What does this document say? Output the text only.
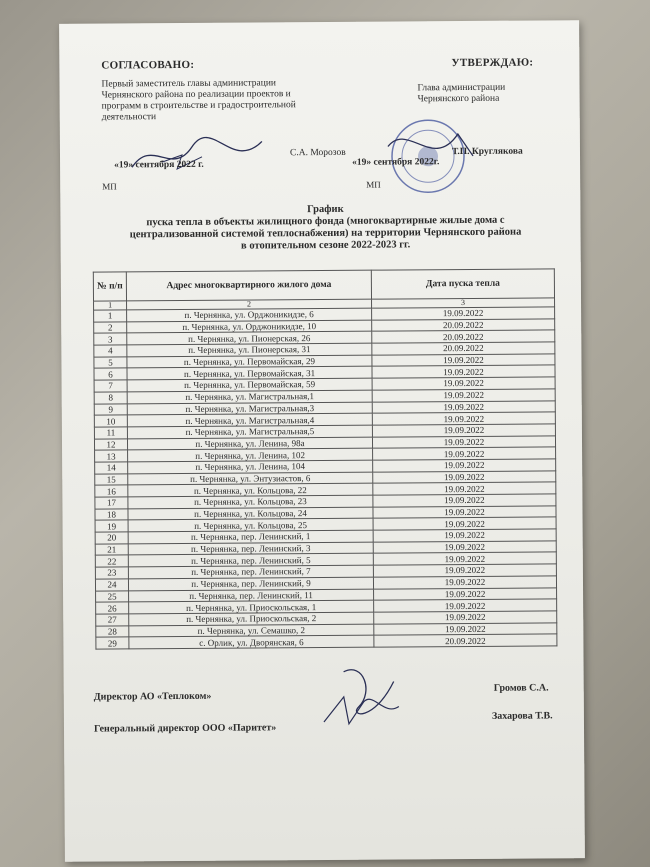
СОГЛАСОВАНО:	УТВЕРЖДАЮ:
Первый заместитель главы администрации Чернянского района по реализации проектов и программ в строительстве и градостроительной деятельности
Глава администрации Чернянского района
С.А. Морозов
«19» сентября 2022 г.
МП
Т.П. Круглякова
«19» сентября 2022г.
МП
График
пуска тепла в объекты жилищного фонда (многоквартирные жилые дома с
централизованной системой теплоснабжения) на территории Чернянского района
в отопительном сезоне 2022-2023 гг.
№ п/п	Адрес многоквартирного жилого дома	Дата пуска тепла
1	2	3
1	п. Чернянка, ул. Орджоникидзе, 6	19.09.2022
2	п. Чернянка, ул. Орджоникидзе, 10	20.09.2022
3	п. Чернянка, ул. Пионерская, 26	20.09.2022
4	п. Чернянка, ул. Пионерская, 31	20.09.2022
5	п. Чернянка, ул. Первомайская, 29	19.09.2022
6	п. Чернянка, ул. Первомайская, 31	19.09.2022
7	п. Чернянка, ул. Первомайская, 59	19.09.2022
8	п. Чернянка, ул. Магистральная,1	19.09.2022
9	п. Чернянка, ул. Магистральная,3	19.09.2022
10	п. Чернянка, ул. Магистральная,4	19.09.2022
11	п. Чернянка, ул. Магистральная,5	19.09.2022
12	п. Чернянка, ул. Ленина, 98а	19.09.2022
13	п. Чернянка, ул. Ленина, 102	19.09.2022
14	п. Чернянка, ул. Ленина, 104	19.09.2022
15	п. Чернянка, ул. Энтузиастов, 6	19.09.2022
16	п. Чернянка, ул. Кольцова, 22	19.09.2022
17	п. Чернянка, ул. Кольцова, 23	19.09.2022
18	п. Чернянка, ул. Кольцова, 24	19.09.2022
19	п. Чернянка, ул. Кольцова, 25	19.09.2022
20	п. Чернянка, пер. Ленинский, 1	19.09.2022
21	п. Чернянка, пер. Ленинский, 3	19.09.2022
22	п. Чернянка, пер. Ленинский, 5	19.09.2022
23	п. Чернянка, пер. Ленинский, 7	19.09.2022
24	п. Чернянка, пер. Ленинский, 9	19.09.2022
25	п. Чернянка, пер. Ленинский, 11	19.09.2022
26	п. Чернянка, ул. Приоскольская, 1	19.09.2022
27	п. Чернянка, ул. Приоскольская, 2	19.09.2022
28	п. Чернянка, ул. Семашко, 2	19.09.2022
29	с. Орлик, ул. Дворянская, 6	20.09.2022
Директор АО «Теплоком»
Громов С.А.
Генеральный директор ООО «Паритет»
Захарова Т.В.
